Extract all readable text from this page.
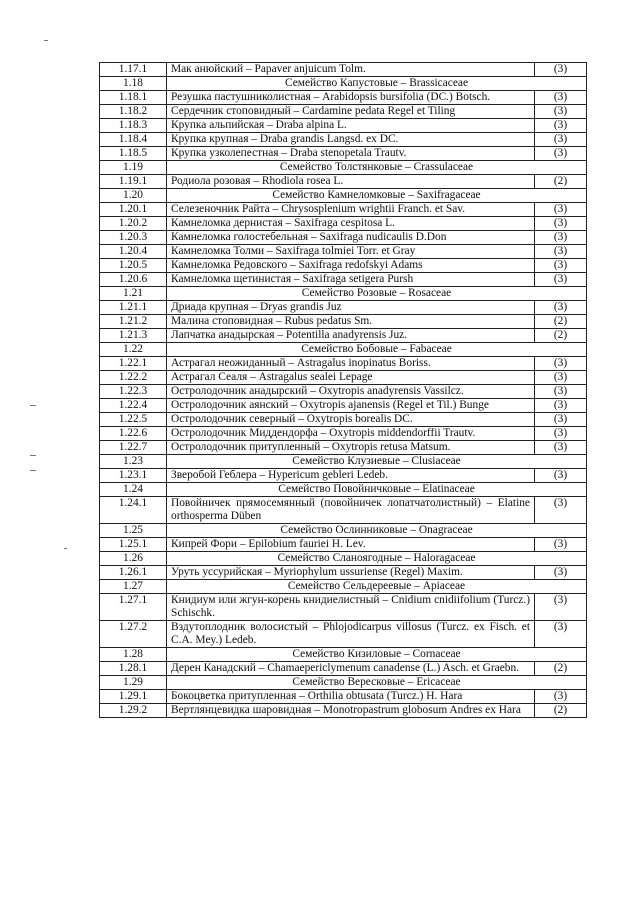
1.17.1	Мак анюйский – Papaver anjuicum Tolm.	(3)
1.18	Семейство Капустовые – Brassicaceae	
1.18.1	Резушка пастушниколистная – Arabidopsis bursifolia (DC.) Botsch.	(3)
1.18.2	Сердечник стоповидный – Cardamine pedata Regel et Tiling	(3)
1.18.3	Крупка альпийская – Draba alpina L.	(3)
1.18.4	Крупка крупная – Draba grandis Langsd. ex DC.	(3)
1.18.5	Крупка узколепестная – Draba stenopetala Trautv.	(3)
1.19	Семейство Толстянковые – Crassulaceae	
1.19.1	Родиола розовая – Rhodiola rosea L.	(2)
1.20	Семейство Камнеломковые – Saxifragaceae	
1.20.1	Селезеночник Райта – Chrysosplenium wrightii Franch. et Sav.	(3)
1.20.2	Камнеломка дернистая – Saxifraga cespitosa L.	(3)
1.20.3	Камнеломка голостебельная – Saxifraga nudicaulis D.Don	(3)
1.20.4	Камнеломка Толми – Saxifraga tolmiei Torr. et Gray	(3)
1.20.5	Камнеломка Редовского – Saxifraga redofskyi Adams	(3)
1.20.6	Камнеломка щетинистая – Saxifraga setigera Pursh	(3)
1.21	Семейство Розовые – Rosaceae	
1.21.1	Дриада крупная – Dryas grandis Juz	(3)
1.21.2	Малина стоповидная – Rubus pedatus Sm.	(2)
1.21.3	Лапчатка анадырская – Potentilla anadyrensis Juz.	(2)
1.22	Семейство Бобовые – Fabaceae	
1.22.1	Астрагал неожиданный – Astragalus inopinatus Boriss.	(3)
1.22.2	Астрагал Сеаля – Astragalus sealei Lepage	(3)
1.22.3	Остролодочник анадырский – Oxytropis anadyrensis Vassilcz.	(3)
1.22.4	Остролодочник аянский – Oxytropis ajanensis (Regel et Til.) Bunge	(3)
1.22.5	Остролодочник северный – Oxytropis borealis DC.	(3)
1.22.6	Остролодочник Миддендорфа – Oxytropis middendorffii Trautv.	(3)
1.22.7	Остролодочник притупленный – Oxytropis retusa Matsum.	(3)
1.23	Семейство Клузиевые – Clusiaceae	
1.23.1	Зверобой Геблера – Hypericum gebleri Ledeb.	(3)
1.24	Семейство Повойничковые – Elatinaceae	
1.24.1	Повойничек прямосемянный (повойничек лопатчатолистный) – Elatine orthosperma Düben	(3)
1.25	Семейство Ослинниковые – Onagraceae	
1.25.1	Кипрей Фори – Epilobium fauriei H. Lev.	(3)
1.26	Семейство Сланоягодные – Haloragaceae	
1.26.1	Уруть уссурийская – Myriophylum ussuriense (Regel) Maxim.	(3)
1.27	Семейство Сельдереевые – Apiaceae	
1.27.1	Книдиум или жгун-корень книдиелистный – Cnidium cnidiifolium (Turcz.) Schischk.	(3)
1.27.2	Вздутоплодник волосистый – Phlojodicarpus villosus (Turcz. ex Fisch. et C.A. Mey.) Ledeb.	(3)
1.28	Семейство Кизиловые – Cornaceae	
1.28.1	Дерен Канадский – Chamaepericlymenum canadense (L.) Asch. et Graebn.	(2)
1.29	Семейство Вересковые – Ericaceae	
1.29.1	Бокоцветка притупленная – Orthilia obtusata (Turcz.) H. Hara	(3)
1.29.2	Вертлянцевидка шаровидная – Monotropastrum globosum Andres ex Hara	(2)
